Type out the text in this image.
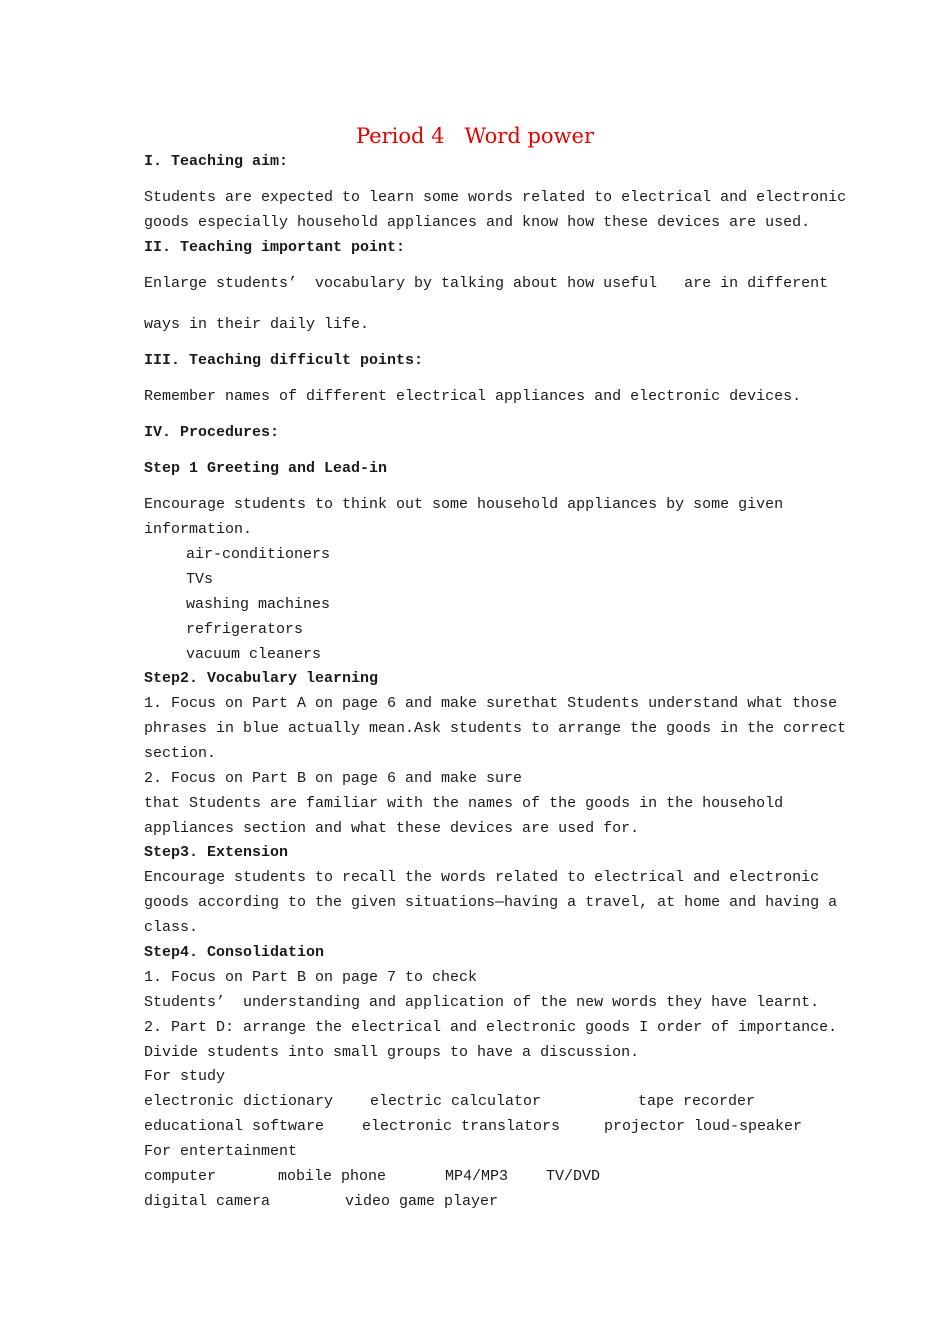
Period 4   Word power
I. Teaching aim:
Students are expected to learn some words related to electrical and electronic
goods especially household appliances and know how these devices are used.
II. Teaching important point:
Enlarge students’  vocabulary by talking about how useful   are in different
ways in their daily life.
III. Teaching difficult points:
Remember names of different electrical appliances and electronic devices.
IV. Procedures:
Step 1 Greeting and Lead-in
Encourage students to think out some household appliances by some given
information.
air-conditioners
TVs
washing machines
refrigerators
vacuum cleaners
Step2. Vocabulary learning
1. Focus on Part A on page 6 and make surethat Students understand what those
phrases in blue actually mean.Ask students to arrange the goods in the correct
section.
2. Focus on Part B on page 6 and make sure
that Students are familiar with the names of the goods in the household
appliances section and what these devices are used for.
Step3. Extension
Encourage students to recall the words related to electrical and electronic
goods according to the given situations—having a travel, at home and having a
class.
Step4. Consolidation
1. Focus on Part B on page 7 to check
Students’  understanding and application of the new words they have learnt.
2. Part D: arrange the electrical and electronic goods I order of importance.
Divide students into small groups to have a discussion.
For study
electronic dictionary electric calculator	tape recorder
educational software	electronic translators	projector loud-speaker
For entertainment
computer	mobile phone	MP4/MP3	TV/DVD
digital camera	video game player
